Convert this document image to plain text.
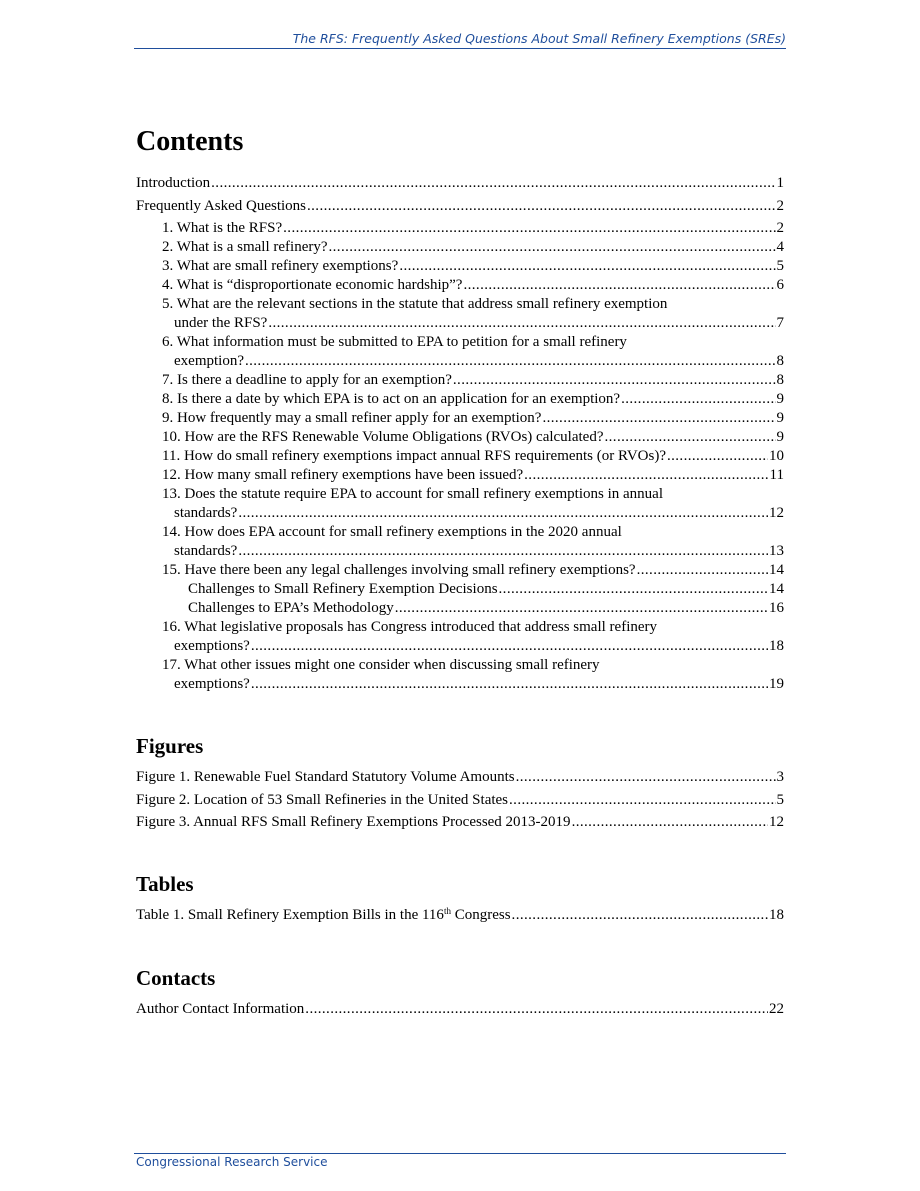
The RFS: Frequently Asked Questions About Small Refinery Exemptions (SREs)
Contents
Introduction .....	1
Frequently Asked Questions .....	2
1. What is the RFS? .....	2
2. What is a small refinery? .....	4
3. What are small refinery exemptions? .....	5
4. What is “disproportionate economic hardship”? .....	6
5. What are the relevant sections in the statute that address small refinery exemption
under the RFS? .....	7
6. What information must be submitted to EPA to petition for a small refinery
exemption? .....	8
7. Is there a deadline to apply for an exemption? .....	8
8. Is there a date by which EPA is to act on an application for an exemption? .....	9
9. How frequently may a small refiner apply for an exemption? .....	9
10. How are the RFS Renewable Volume Obligations (RVOs) calculated? .....	9
11. How do small refinery exemptions impact annual RFS requirements (or RVOs)? .....	10
12. How many small refinery exemptions have been issued? .....	11
13. Does the statute require EPA to account for small refinery exemptions in annual
standards? .....	12
14. How does EPA account for small refinery exemptions in the 2020 annual
standards? .....	13
15. Have there been any legal challenges involving small refinery exemptions? .....	14
Challenges to Small Refinery Exemption Decisions .....	14
Challenges to EPA’s Methodology .....	16
16. What legislative proposals has Congress introduced that address small refinery
exemptions? .....	18
17. What other issues might one consider when discussing small refinery
exemptions? .....	19
Figures
Figure 1. Renewable Fuel Standard Statutory Volume Amounts .....	3
Figure 2. Location of 53 Small Refineries in the United States .....	5
Figure 3. Annual RFS Small Refinery Exemptions Processed 2013-2019 .....	12
Tables
Table 1. Small Refinery Exemption Bills in the 116th Congress .....	18
Contacts
Author Contact Information .....	22
Congressional Research Service
